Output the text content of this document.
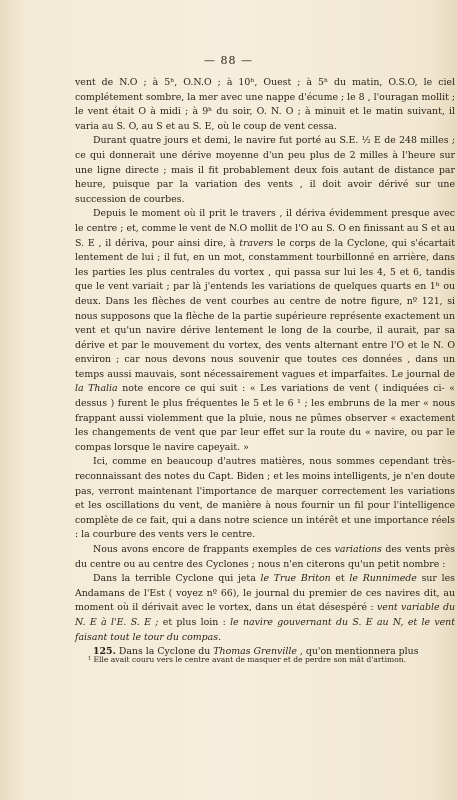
— 88 —

vent de N.O ; à 5ʰ, O.N.O ; à 10ʰ, Ouest ; à 5ʰ du matin, O.S.O, le ciel complétement sombre, la mer avec une nappe d'écume ; le 8 , l'ouragan mollit ; le vent était O à midi ; à 9ʰ du soir, O. N. O ; à minuit et le matin suivant, il varia au S. O, au S et au S. E, où le coup de vent cessa.

Durant quatre jours et demi, le navire fut porté au S.E. ½ E de 248 milles ; ce qui donnerait une dérive moyenne d'un peu plus de 2 milles à l'heure sur une ligne directe ; mais il fit probablement deux fois autant de distance par heure, puisque par la variation des vents , il doit avoir dérivé sur une succession de courbes.

Depuis le moment où il prit le travers , il dériva évidemment presque avec le centre ; et, comme le vent de N.O mollit de l'O au S. O en finissant au S et au S. E , il dériva, pour ainsi dire, à travers le corps de la Cyclone, qui s'écartait lentement de lui ; il fut, en un mot, constamment tourbillonné en arrière, dans les parties les plus centrales du vortex , qui passa sur lui les 4, 5 et 6, tandis que le vent variait ; par là j'entends les variations de quelques quarts en 1ʰ ou deux. Dans les flèches de vent courbes au centre de notre figure, nº 121, si nous supposons que la flèche de la partie supérieure représente exactement un vent et qu'un navire dérive lentement le long de la courbe, il aurait, par sa dérive et par le mouvement du vortex, des vents alternant entre l'O et le N. O environ ; car nous devons nous souvenir que toutes ces données , dans un temps aussi mauvais, sont nécessairement vagues et imparfaites. Le journal de la Thalia note encore ce qui suit : « Les variations de vent ( indiquées ci- « dessus ) furent le plus fréquentes le 5 et le 6 ¹ ; les embruns de la mer « nous frappant aussi violemment que la pluie, nous ne pûmes observer « exactement les changements de vent que par leur effet sur la route du « navire, ou par le compas lorsque le navire capeyait. »

Ici, comme en beaucoup d'autres matières, nous sommes cependant très-reconnaissant des notes du Capt. Biden ; et les moins intelligents, je n'en doute pas, verront maintenant l'importance de marquer correctement les variations et les oscillations du vent, de manière à nous fournir un fil pour l'intelligence complète de ce fait, qui a dans notre science un intérêt et une importance réels : la courbure des vents vers le centre.

Nous avons encore de frappants exemples de ces variations des vents près du centre ou au centre des Cyclones ; nous n'en citerons qu'un petit nombre :

Dans la terrible Cyclone qui jeta le True Briton et le Runnimede sur les Andamans de l'Est ( voyez nº 66), le journal du premier de ces navires dit, au moment où il dérivait avec le vortex, dans un état désespéré : vent variable du N. E à l'E. S. E ; et plus loin : le navire gouvernant du S. E au N, et le vent faisant tout le tour du compas.

125. Dans la Cyclone du Thomas Grenville , qu'on mentionnera plus

¹ Elle avait couru vers le centre avant de masquer et de perdre son mât d'artimon.
